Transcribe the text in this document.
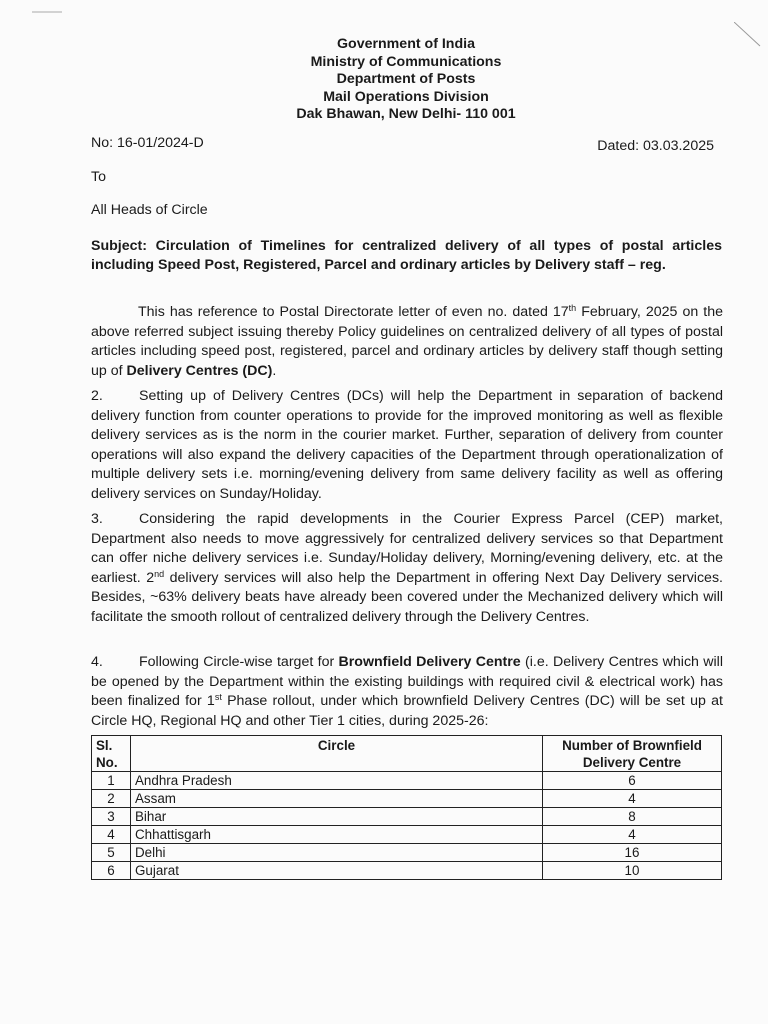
Government of India
Ministry of Communications
Department of Posts
Mail Operations Division
Dak Bhawan, New Delhi- 110 001
No: 16-01/2024-D	Dated: 03.03.2025
To
All Heads of Circle
Subject: Circulation of Timelines for centralized delivery of all types of postal articles including Speed Post, Registered, Parcel and ordinary articles by Delivery staff – reg.
This has reference to Postal Directorate letter of even no. dated 17th February, 2025 on the above referred subject issuing thereby Policy guidelines on centralized delivery of all types of postal articles including speed post, registered, parcel and ordinary articles by delivery staff though setting up of Delivery Centres (DC).
2.	Setting up of Delivery Centres (DCs) will help the Department in separation of backend delivery function from counter operations to provide for the improved monitoring as well as flexible delivery services as is the norm in the courier market. Further, separation of delivery from counter operations will also expand the delivery capacities of the Department through operationalization of multiple delivery sets i.e. morning/evening delivery from same delivery facility as well as offering delivery services on Sunday/Holiday.
3.	Considering the rapid developments in the Courier Express Parcel (CEP) market, Department also needs to move aggressively for centralized delivery services so that Department can offer niche delivery services i.e. Sunday/Holiday delivery, Morning/evening delivery, etc. at the earliest. 2nd delivery services will also help the Department in offering Next Day Delivery services. Besides, ~63% delivery beats have already been covered under the Mechanized delivery which will facilitate the smooth rollout of centralized delivery through the Delivery Centres.
4.	Following Circle-wise target for Brownfield Delivery Centre (i.e. Delivery Centres which will be opened by the Department within the existing buildings with required civil & electrical work) has been finalized for 1st Phase rollout, under which brownfield Delivery Centres (DC) will be set up at Circle HQ, Regional HQ and other Tier 1 cities, during 2025-26:
Sl.
No.	Circle	Number of Brownfield
Delivery Centre
1	Andhra Pradesh	6
2	Assam	4
3	Bihar	8
4	Chhattisgarh	4
5	Delhi	16
6	Gujarat	10
